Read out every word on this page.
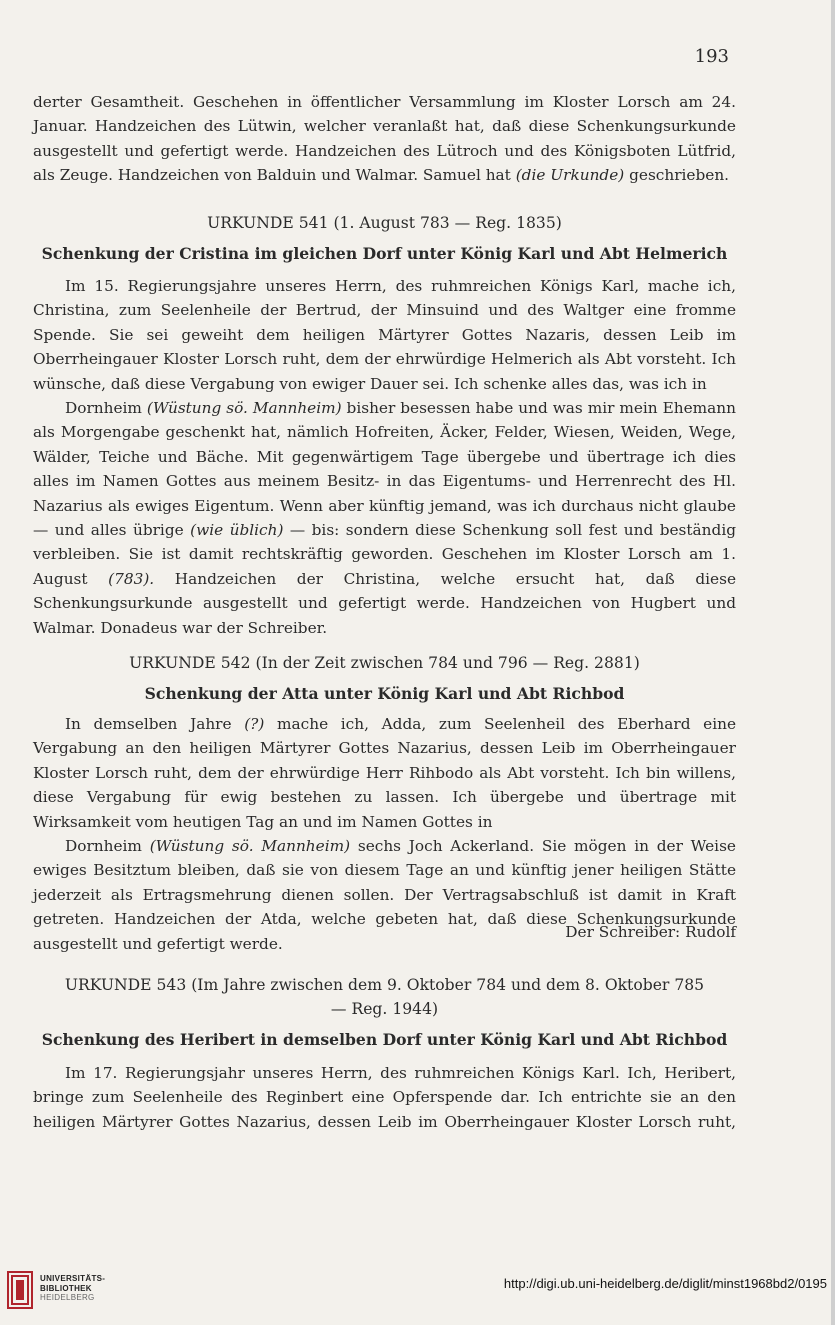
193
derter Gesamtheit. Geschehen in öffentlicher Versammlung im Kloster Lorsch am 24.
Januar. Handzeichen des Lütwin, welcher veranlaßt hat, daß diese Schenkungsurkunde
ausgestellt und gefertigt werde. Handzeichen des Lütroch und des Königsboten Lütfrid,
als Zeuge. Handzeichen von Balduin und Walmar. Samuel hat (die Urkunde) geschrieben.
URKUNDE 541 (1. August 783 — Reg. 1835)
Schenkung der Cristina im gleichen Dorf unter König Karl und Abt Helmerich
Im 15. Regierungsjahre unseres Herrn, des ruhmreichen Königs Karl, mache ich, Christina, zum Seelenheile der Bertrud, der Minsuind und des Waltger eine fromme Spende. Sie sei geweiht dem heiligen Märtyrer Gottes Nazaris, dessen Leib im Oberrheingauer Kloster Lorsch ruht, dem der ehrwürdige Helmerich als Abt vorsteht. Ich wünsche, daß diese Vergabung von ewiger Dauer sei. Ich schenke alles das, was ich in
Dornheim (Wüstung sö. Mannheim) bisher besessen habe und was mir mein Ehemann als Morgengabe geschenkt hat, nämlich Hofreiten, Äcker, Felder, Wiesen, Weiden, Wege, Wälder, Teiche und Bäche. Mit gegenwärtigem Tage übergebe und übertrage ich dies alles im Namen Gottes aus meinem Besitz- in das Eigentums- und Herrenrecht des Hl. Nazarius als ewiges Eigentum. Wenn aber künftig jemand, was ich durchaus nicht glaube — und alles übrige (wie üblich) — bis: sondern diese Schenkung soll fest und beständig verbleiben. Sie ist damit rechtskräftig geworden. Geschehen im Kloster Lorsch am 1. August (783). Handzeichen der Christina, welche ersucht hat, daß diese Schenkungsurkunde ausgestellt und gefertigt werde. Handzeichen von Hugbert und Walmar. Donadeus war der Schreiber.
URKUNDE 542 (In der Zeit zwischen 784 und 796 — Reg. 2881)
Schenkung der Atta unter König Karl und Abt Richbod
In demselben Jahre (?) mache ich, Adda, zum Seelenheil des Eberhard eine Vergabung an den heiligen Märtyrer Gottes Nazarius, dessen Leib im Oberrheingauer Kloster Lorsch ruht, dem der ehrwürdige Herr Rihbodo als Abt vorsteht. Ich bin willens, diese Vergabung für ewig bestehen zu lassen. Ich übergebe und übertrage mit Wirksamkeit vom heutigen Tag an und im Namen Gottes in
Dornheim (Wüstung sö. Mannheim) sechs Joch Ackerland. Sie mögen in der Weise ewiges Besitztum bleiben, daß sie von diesem Tage an und künftig jener heiligen Stätte jederzeit als Ertragsmehrung dienen sollen. Der Vertragsabschluß ist damit in Kraft getreten. Handzeichen der Atda, welche gebeten hat, daß diese Schenkungsurkunde ausgestellt und gefertigt werde.
Der Schreiber: Rudolf
URKUNDE 543 (Im Jahre zwischen dem 9. Oktober 784 und dem 8. Oktober 785
— Reg. 1944)
Schenkung des Heribert in demselben Dorf unter König Karl und Abt Richbod
Im 17. Regierungsjahr unseres Herrn, des ruhmreichen Königs Karl. Ich, Heribert, bringe zum Seelenheile des Reginbert eine Opferspende dar. Ich entrichte sie an den heiligen Märtyrer Gottes Nazarius, dessen Leib im Oberrheingauer Kloster Lorsch ruht,
UNIVERSITÄTS-
BIBLIOTHEK
HEIDELBERG
http://digi.ub.uni-heidelberg.de/diglit/minst1968bd2/0195
